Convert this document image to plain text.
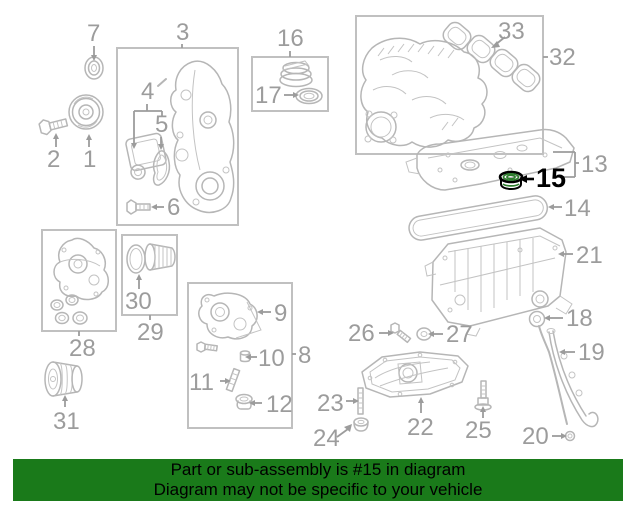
7
2 1
3
4
5
6
16
17
33
32
13
15
14
21
18
19
20
26	27
22
23
24	25
28
29
30
31
8
9
10
11
12
Part or sub-assembly is #15 in diagram
Diagram may not be specific to your vehicle
